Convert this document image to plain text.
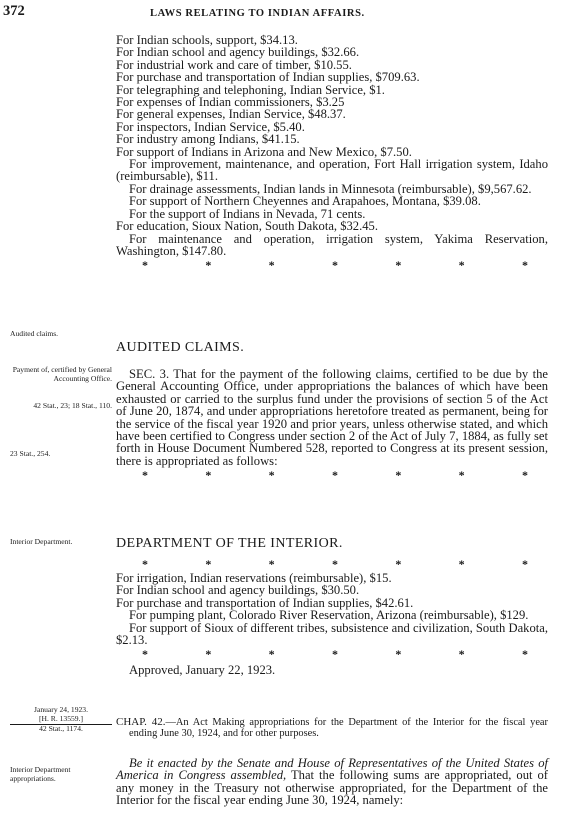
372	LAWS RELATING TO INDIAN AFFAIRS.

For Indian schools, support, $34.13.

For Indian school and agency buildings, $32.66.

For industrial work and care of timber, $10.55.

For purchase and transportation of Indian supplies, $709.63.

For telegraphing and telephoning, Indian Service, $1.

For expenses of Indian commissioners, $3.25

For general expenses, Indian Service, $48.37.

For inspectors, Indian Service, $5.40.

For industry among Indians, $41.15.

For support of Indians in Arizona and New Mexico, $7.50.

For improvement, maintenance, and operation, Fort Hall irrigation system, Idaho (reimbursable), $11.

For drainage assessments, Indian lands in Minnesota (reimbursable), $9,567.62.

For support of Northern Cheyennes and Arapahoes, Montana, $39.08.

For the support of Indians in Nevada, 71 cents.

For education, Sioux Nation, South Dakota, $32.45.

For maintenance and operation, irrigation system, Yakima Reservation, Washington, $147.80.

*	*	*	*	*	*	*
Audited claims.

AUDITED CLAIMS.

Payment of, certified by General Accounting Office.
42 Stat., 23; 18 Stat., 110.
23 Stat., 254.

SEC. 3. That for the payment of the following claims, certified to be due by the General Accounting Office, under appropriations the balances of which have been exhausted or carried to the surplus fund under the provisions of section 5 of the Act of June 20, 1874, and under appropriations heretofore treated as permanent, being for the service of the fiscal year 1920 and prior years, unless otherwise stated, and which have been certified to Congress under section 2 of the Act of July 7, 1884, as fully set forth in House Document Numbered 528, reported to Congress at its present session, there is appropriated as follows:

*	*	*	*	*	*	*
Interior Department.	DEPARTMENT OF THE INTERIOR.

*	*	*	*	*	*	*

For irrigation, Indian reservations (reimbursable), $15.

For Indian school and agency buildings, $30.50.

For purchase and transportation of Indian supplies, $42.61.

For pumping plant, Colorado River Reservation, Arizona (reimbursable), $129.

For support of Sioux of different tribes, subsistence and civilization, South Dakota, $2.13.

*	*	*	*	*	*	*

Approved, January 22, 1923.

January 24, 1923.
[H. R. 13559.]
42 Stat., 1174.

CHAP. 42.—An Act Making appropriations for the Department of the Interior for the fiscal year ending June 30, 1924, and for other purposes.

Interior Department appropriations.

Be it enacted by the Senate and House of Representatives of the United States of America in Congress assembled, That the following sums are appropriated, out of any money in the Treasury not otherwise appropriated, for the Department of the Interior for the fiscal year ending June 30, 1924, namely:
